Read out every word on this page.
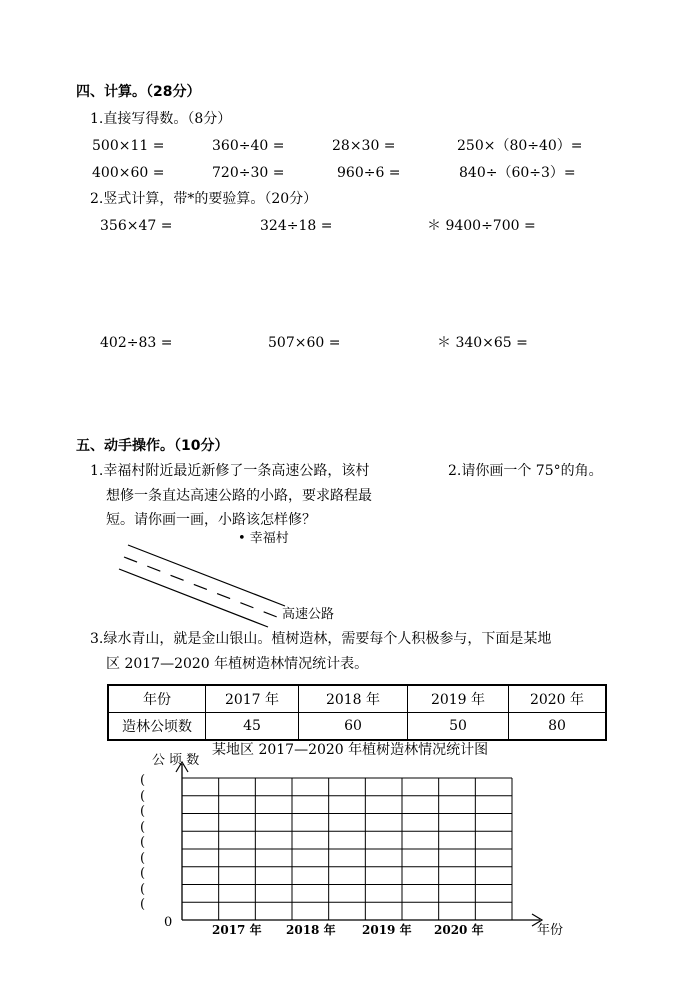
四、计算。（28分）
1.直接写得数。（8分）
500×11 =	360÷40 =	28×30 =	250×（80÷40）=
400×60 =	720÷30 =	960÷6 =	840÷（60÷3）=
2.竖式计算，带*的要验算。（20分）
356×47 =	324÷18 =	＊ 9400÷700 =
402÷83 =	507×60 =	＊ 340×65 =
五、动手操作。（10分）
1.幸福村附近最近新修了一条高速公路，该村
想修一条直达高速公路的小路，要求路程最
短。请你画一画，小路该怎样修？
2.请你画一个 75°的角。
• 幸福村
高速公路
3.绿水青山，就是金山银山。植树造林，需要每个人积极参与，下面是某地
区 2017—2020 年植树造林情况统计表。
年份	2017 年	2018 年	2019 年	2020 年
造林公顷数	45	60	50	80
某地区 2017—2020 年植树造林情况统计图
公 顷 数
0
年份
(
(
(
(
(
(
(
(
(
2017 年 2018 年 2019 年 2020 年
